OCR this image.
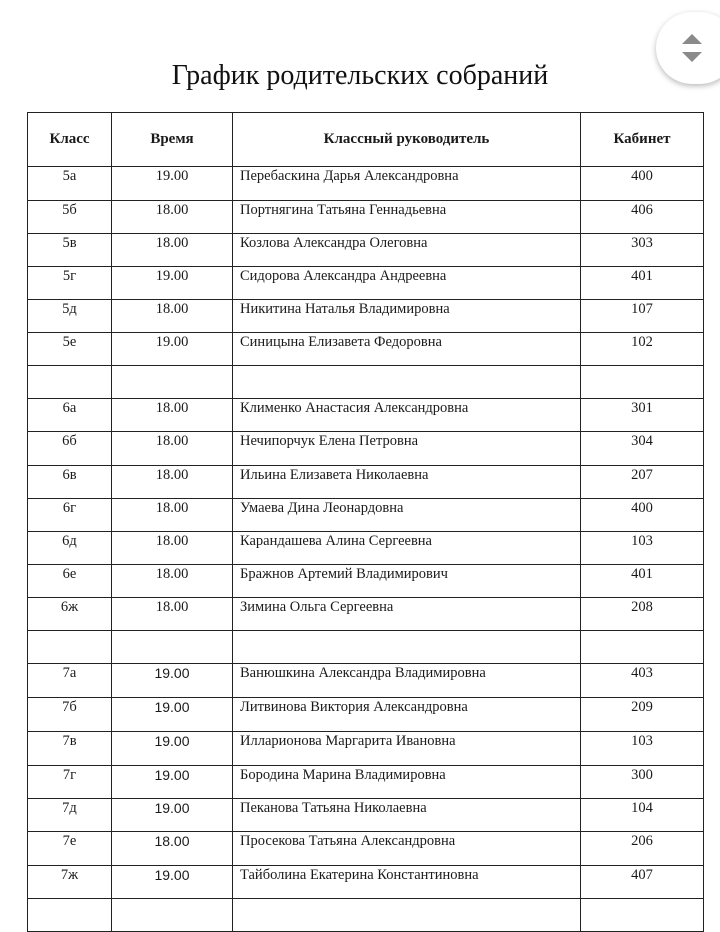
График родительских собраний
Класс	Время	Классный руководитель	Кабинет
5а	19.00	Перебаскина Дарья Александровна	400
5б	18.00	Портнягина Татьяна Геннадьевна	406
5в	18.00	Козлова Александра Олеговна	303
5г	19.00	Сидорова Александра Андреевна	401
5д	18.00	Никитина Наталья Владимировна	107
5е	19.00	Синицына Елизавета Федоровна	102

6а	18.00	Клименко Анастасия Александровна	301
6б	18.00	Нечипорчук Елена Петровна	304
6в	18.00	Ильина Елизавета Николаевна	207
6г	18.00	Умаева Дина Леонардовна	400
6д	18.00	Карандашева Алина Сергеевна	103
6е	18.00	Бражнов Артемий Владимирович	401
6ж	18.00	Зимина Ольга Сергеевна	208

7а	19.00	Ванюшкина Александра Владимировна	403
7б	19.00	Литвинова Виктория Александровна	209
7в	19.00	Илларионова Маргарита Ивановна	103
7г	19.00	Бородина Марина Владимировна	300
7д	19.00	Пеканова Татьяна Николаевна	104
7е	18.00	Просекова Татьяна Александровна	206
7ж	19.00	Тайболина Екатерина Константиновна	407
